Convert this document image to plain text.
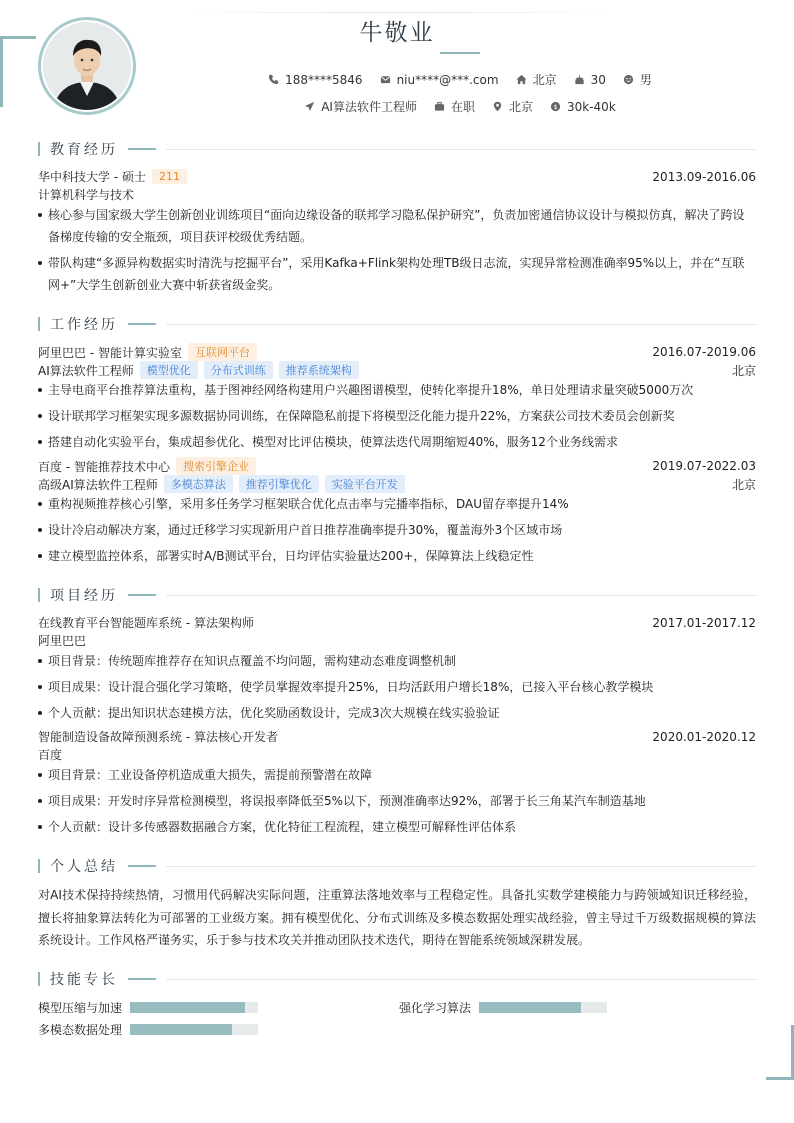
牛敬业
188****5846	niu****@***.com	北京	30	男
AI算法软件工程师	在职	北京	$ 30k-40k
教育经历
华中科技大学 - 硕士	211	2013.09-2016.06
计算机科学与技术
核心参与国家级大学生创新创业训练项目“面向边缘设备的联邦学习隐私保护研究”，负责加密通信协议设计与模拟仿真，解决了跨设备梯度传输的安全瓶颈，项目获评校级优秀结题。
带队构建“多源异构数据实时清洗与挖掘平台”，采用Kafka+Flink架构处理TB级日志流，实现异常检测准确率95%以上，并在“互联网+”大学生创新创业大赛中斩获省级金奖。
工作经历
阿里巴巴 - 智能计算实验室	互联网平台	2016.07-2019.06
AI算法软件工程师	模型优化	分布式训练	推荐系统架构	北京
主导电商平台推荐算法重构，基于图神经网络构建用户兴趣图谱模型，使转化率提升18%，单日处理请求量突破5000万次
设计联邦学习框架实现多源数据协同训练，在保障隐私前提下将模型泛化能力提升22%，方案获公司技术委员会创新奖
搭建自动化实验平台，集成超参优化、模型对比评估模块，使算法迭代周期缩短40%，服务12个业务线需求
百度 - 智能推荐技术中心	搜索引擎企业	2019.07-2022.03
高级AI算法软件工程师	多模态算法	推荐引擎优化	实验平台开发	北京
重构视频推荐核心引擎，采用多任务学习框架联合优化点击率与完播率指标，DAU留存率提升14%
设计冷启动解决方案，通过迁移学习实现新用户首日推荐准确率提升30%，覆盖海外3个区域市场
建立模型监控体系，部署实时A/B测试平台，日均评估实验量达200+，保障算法上线稳定性
项目经历
在线教育平台智能题库系统 - 算法架构师	2017.01-2017.12
阿里巴巴
项目背景：传统题库推荐存在知识点覆盖不均问题，需构建动态难度调整机制
项目成果：设计混合强化学习策略，使学员掌握效率提升25%，日均活跃用户增长18%，已接入平台核心教学模块
个人贡献：提出知识状态建模方法，优化奖励函数设计，完成3次大规模在线实验验证
智能制造设备故障预测系统 - 算法核心开发者	2020.01-2020.12
百度
项目背景：工业设备停机造成重大损失，需提前预警潜在故障
项目成果：开发时序异常检测模型，将误报率降低至5%以下，预测准确率达92%，部署于长三角某汽车制造基地
个人贡献：设计多传感器数据融合方案，优化特征工程流程，建立模型可解释性评估体系
个人总结
对AI技术保持持续热情，习惯用代码解决实际问题，注重算法落地效率与工程稳定性。具备扎实数学建模能力与跨领域知识迁移经验，擅长将抽象算法转化为可部署的工业级方案。拥有模型优化、分布式训练及多模态数据处理实战经验，曾主导过千万级数据规模的算法系统设计。工作风格严谨务实，乐于参与技术攻关并推动团队技术迭代，期待在智能系统领域深耕发展。
技能专长
模型压缩与加速	强化学习算法
多模态数据处理
